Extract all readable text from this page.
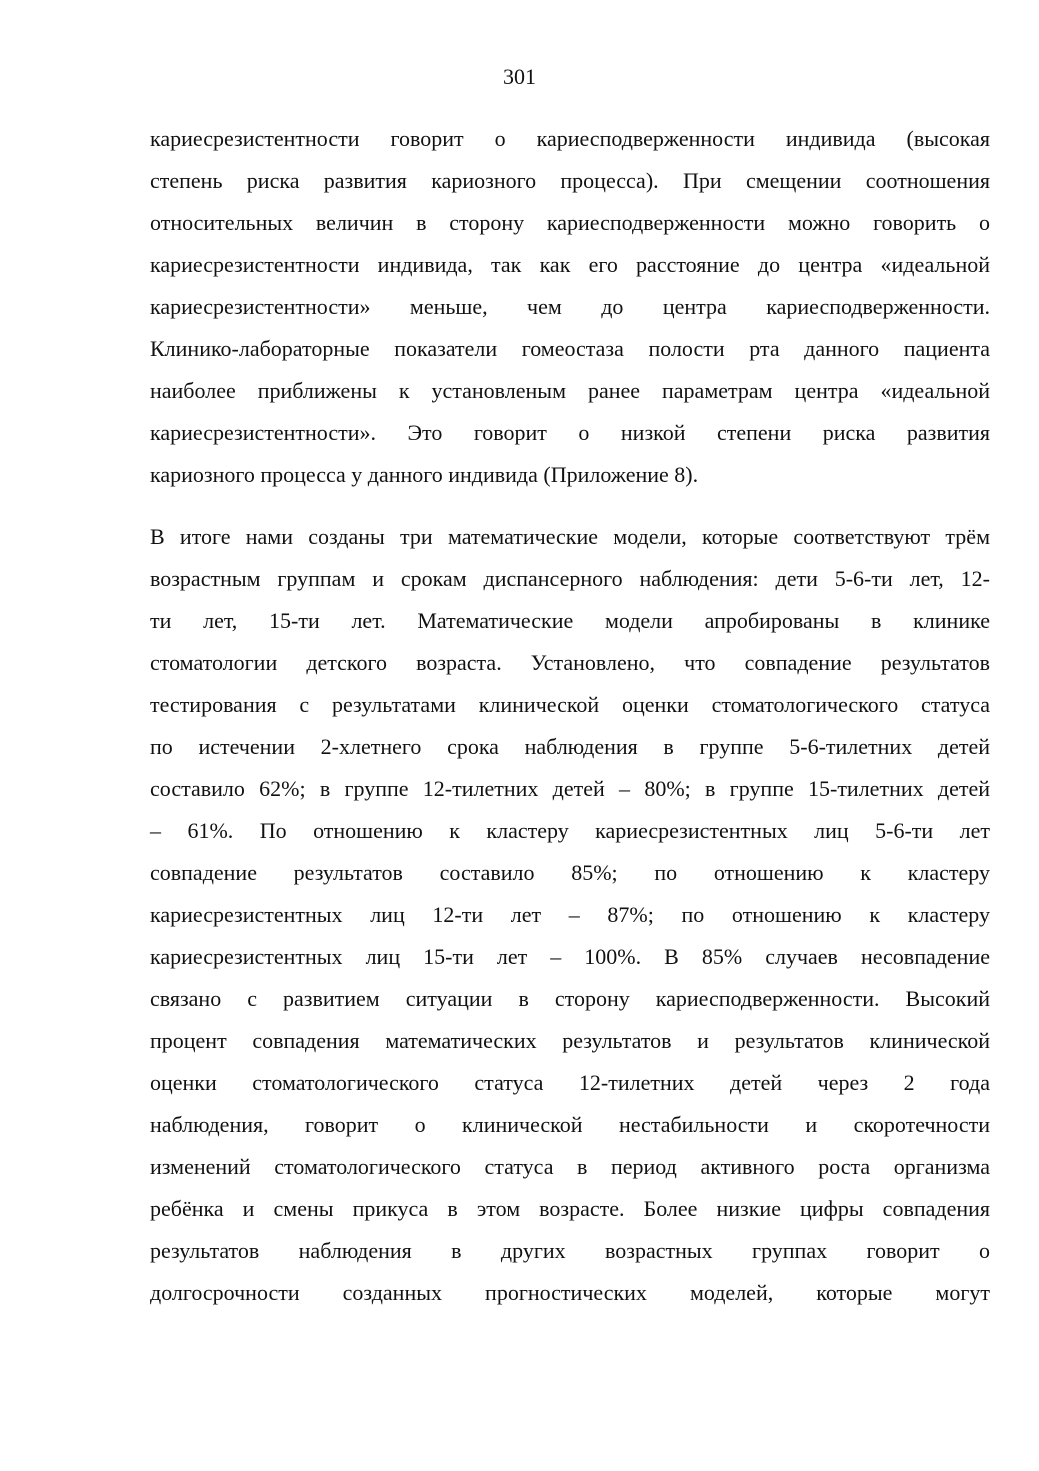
301
кариесрезистентности говорит о кариесподверженности индивида (высокая
степень риска развития кариозного процесса). При смещении соотношения
относительных величин в сторону кариесподверженности можно говорить о
кариесрезистентности индивида, так как его расстояние до центра «идеальной
кариесрезистентности» меньше, чем до центра кариесподверженности.
Клинико-лабораторные показатели гомеостаза полости рта данного пациента
наиболее приближены к установленым ранее параметрам центра «идеальной
кариесрезистентности». Это говорит о низкой степени риска развития
кариозного процесса у данного индивида (Приложение 8).
В итоге нами созданы три математические модели, которые соответствуют трём
возрастным группам и срокам диспансерного наблюдения: дети 5-6-ти лет, 12-
ти лет, 15-ти лет. Математические модели апробированы в клинике
стоматологии детского возраста. Установлено, что совпадение результатов
тестирования с результатами клинической оценки стоматологического статуса
по истечении 2-хлетнего срока наблюдения в группе 5-6-тилетних детей
составило 62%; в группе 12-тилетних детей – 80%; в группе 15-тилетних детей
– 61%. По отношению к кластеру кариесрезистентных лиц 5-6-ти лет
совпадение результатов составило 85%; по отношению к кластеру
кариесрезистентных лиц 12-ти лет – 87%; по отношению к кластеру
кариесрезистентных лиц 15-ти лет – 100%. В 85% случаев несовпадение
связано с развитием ситуации в сторону кариесподверженности. Высокий
процент совпадения математических результатов и результатов клинической
оценки стоматологического статуса 12-тилетних детей через 2 года
наблюдения, говорит о клинической нестабильности и скоротечности
изменений стоматологического статуса в период активного роста организма
ребёнка и смены прикуса в этом возрасте. Более низкие цифры совпадения
результатов наблюдения в других возрастных группах говорит о
долгосрочности созданных прогностических моделей, которые могут
